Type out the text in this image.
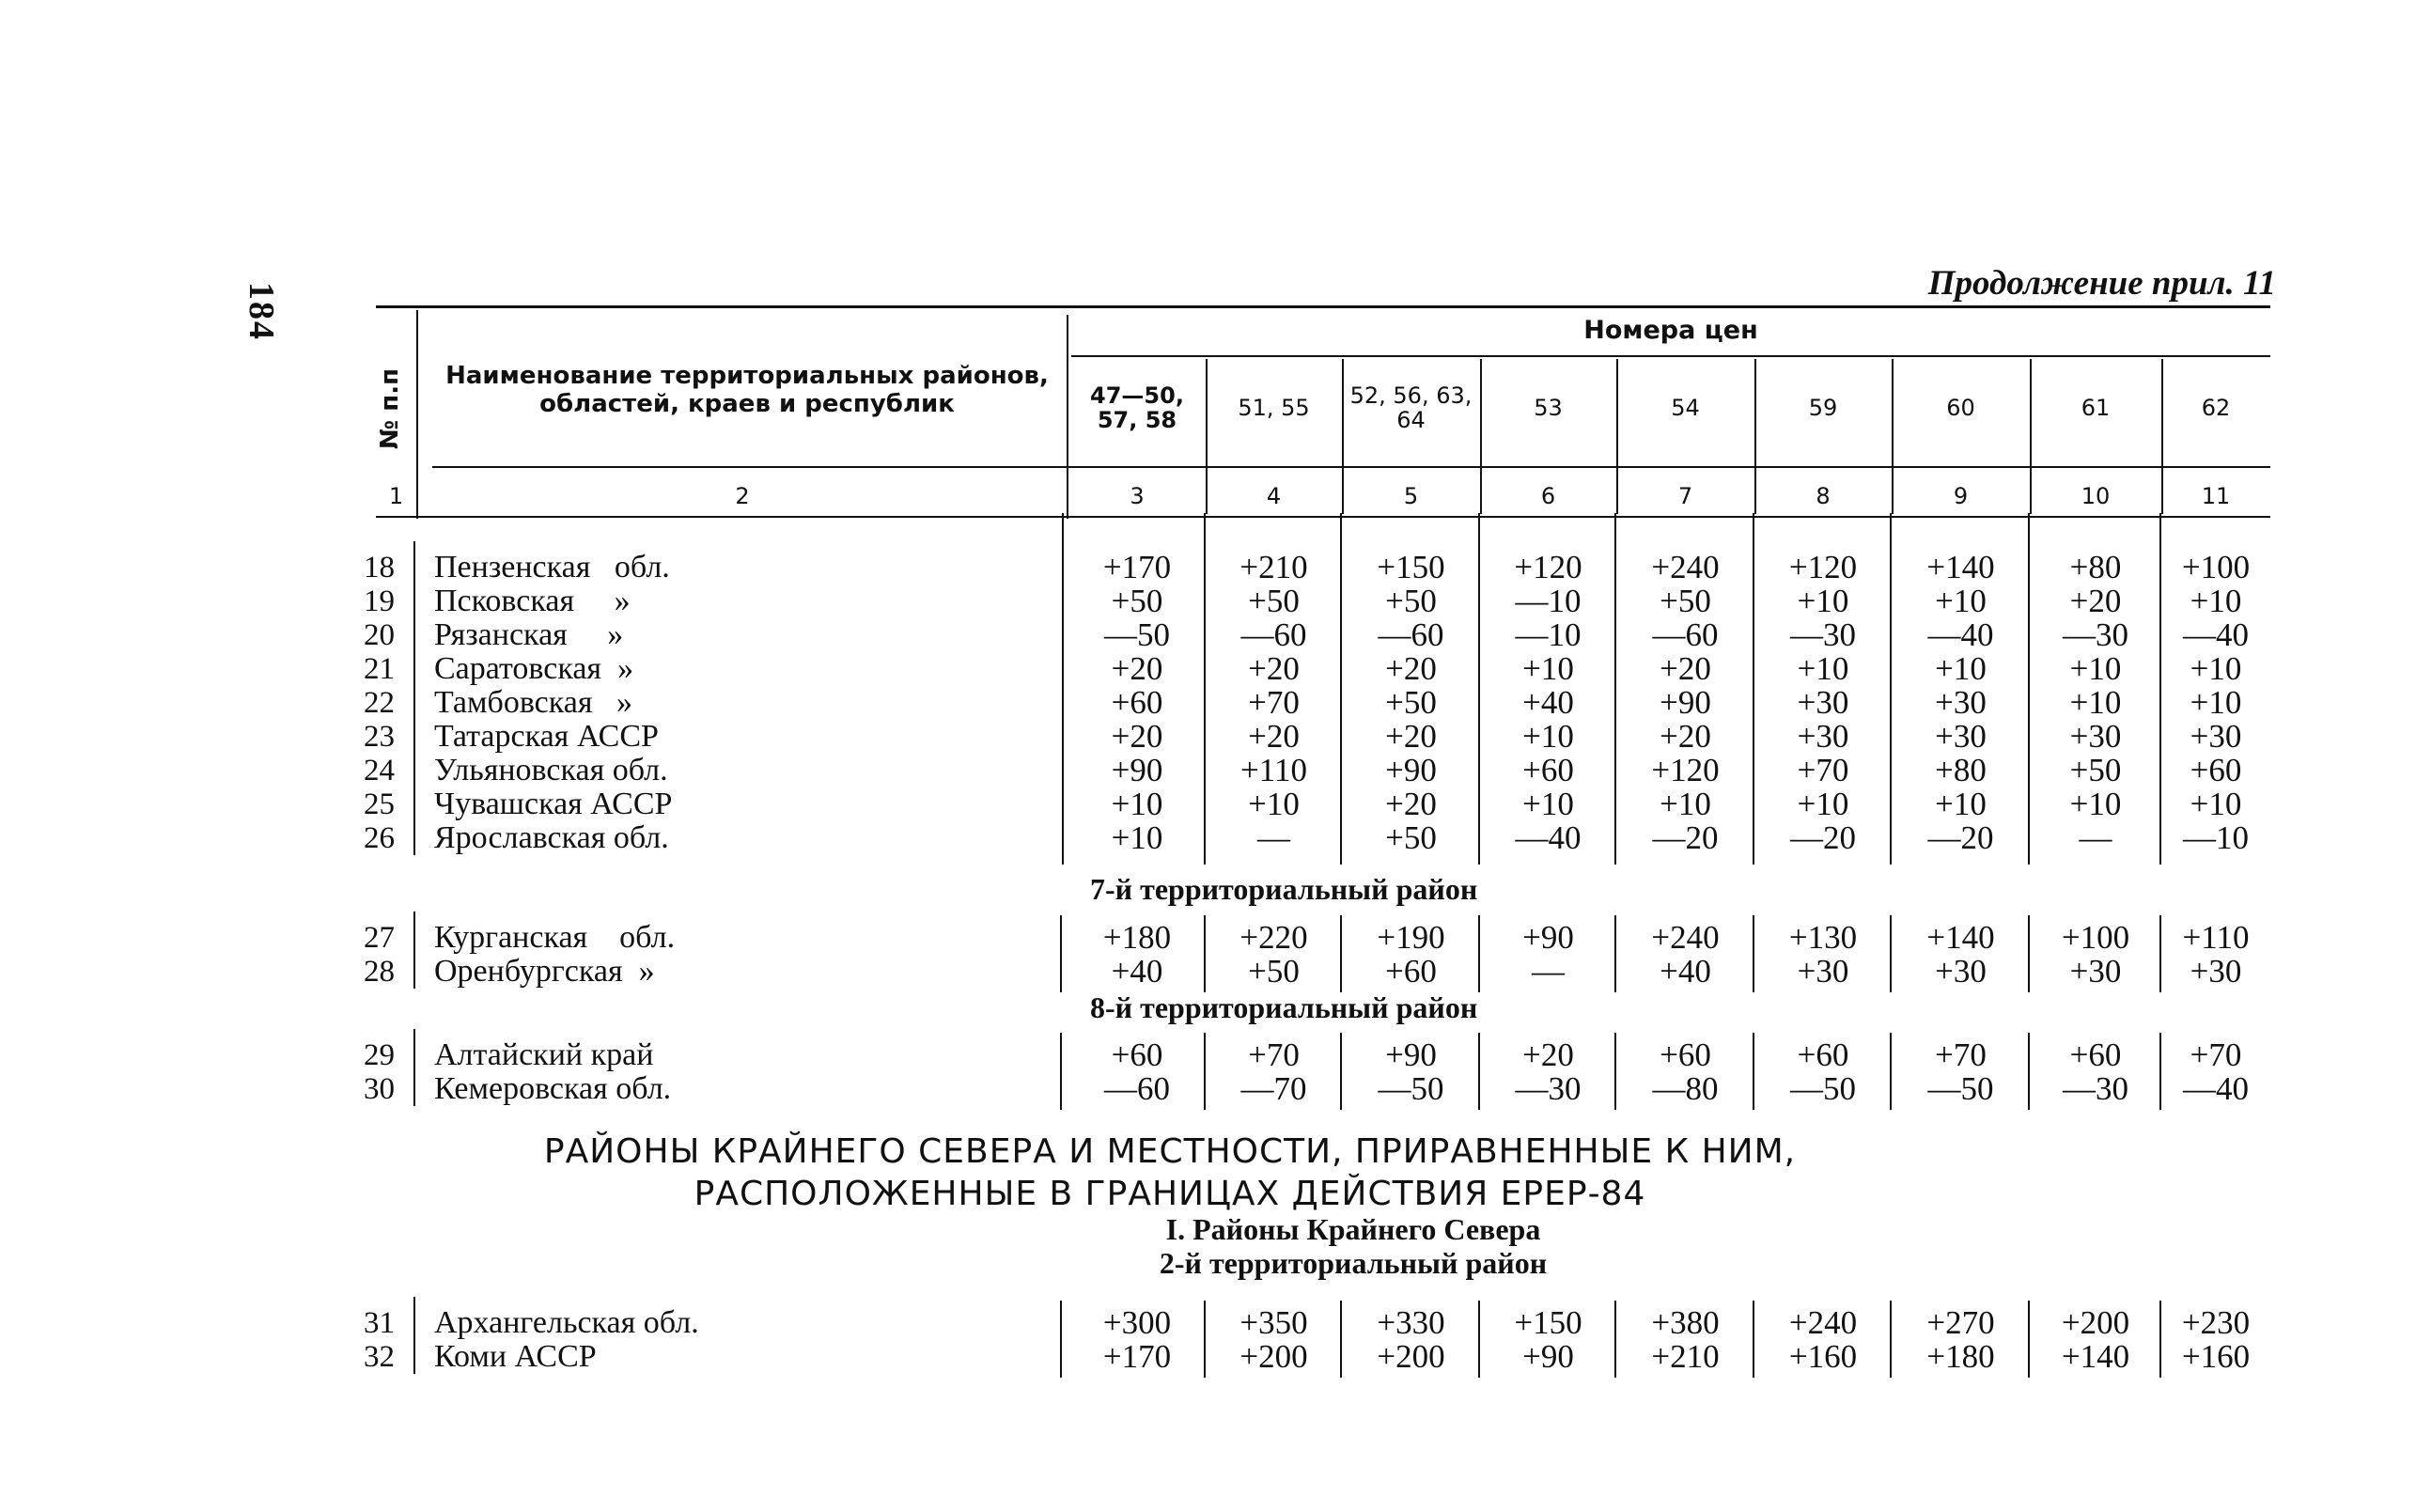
184	Продолжение прил. 11
№ п.п Наименование территориальных районов, областей, краев и республик
Номера цен
47—50, 57, 58	51, 55	52, 56, 63, 64	53	54	59	60	61	62
1	2	3	4	5	6	7	8	9	10	11
18 Пензенская   обл.	+170	+210	+150	+120	+240	+120	+140	+80	+100
19 Псковская     »	+50	+50	+50	—10	+50	+10	+10	+20	+10
20 Рязанская     »	—50	—60	—60	—10	—60	—30	—40	—30	—40
21 Саратовская  »	+20	+20	+20	+10	+20	+10	+10	+10	+10
22 Тамбовская   »	+60	+70	+50	+40	+90	+30	+30	+10	+10
23 Татарская АССР	+20	+20	+20	+10	+20	+30	+30	+30	+30
24 Ульяновская обл.	+90	+110	+90	+60	+120	+70	+80	+50	+60
25 Чувашская АССР	+10	+10	+20	+10	+10	+10	+10	+10	+10
26 Ярославская обл.	+10	—	+50	—40	—20	—20	—20	—	—10
27 Курганская    обл.	+180	+220	+190	+90	+240	+130	+140	+100	+110
28 Оренбургская  »	+40	+50	+60	—	+40	+30	+30	+30	+30
29 Алтайский край	+60	+70	+90	+20	+60	+60	+70	+60	+70
30 Кемеровская обл.	—60	—70	—50	—30	—80	—50	—50	—30	—40
31 Архангельская обл.	+300	+350	+330	+150	+380	+240	+270	+200	+230
32 Коми АССР	+170	+200	+200	+90	+210	+160	+180	+140	+160
7-й территориальный район
8-й территориальный район
РАЙОНЫ КРАЙНЕГО СЕВЕРА И МЕСТНОСТИ, ПРИРАВНЕННЫЕ К НИМ,
РАСПОЛОЖЕННЫЕ В ГРАНИЦАХ ДЕЙСТВИЯ ЕРЕР-84
I. Районы Крайнего Севера
2-й территориальный район
